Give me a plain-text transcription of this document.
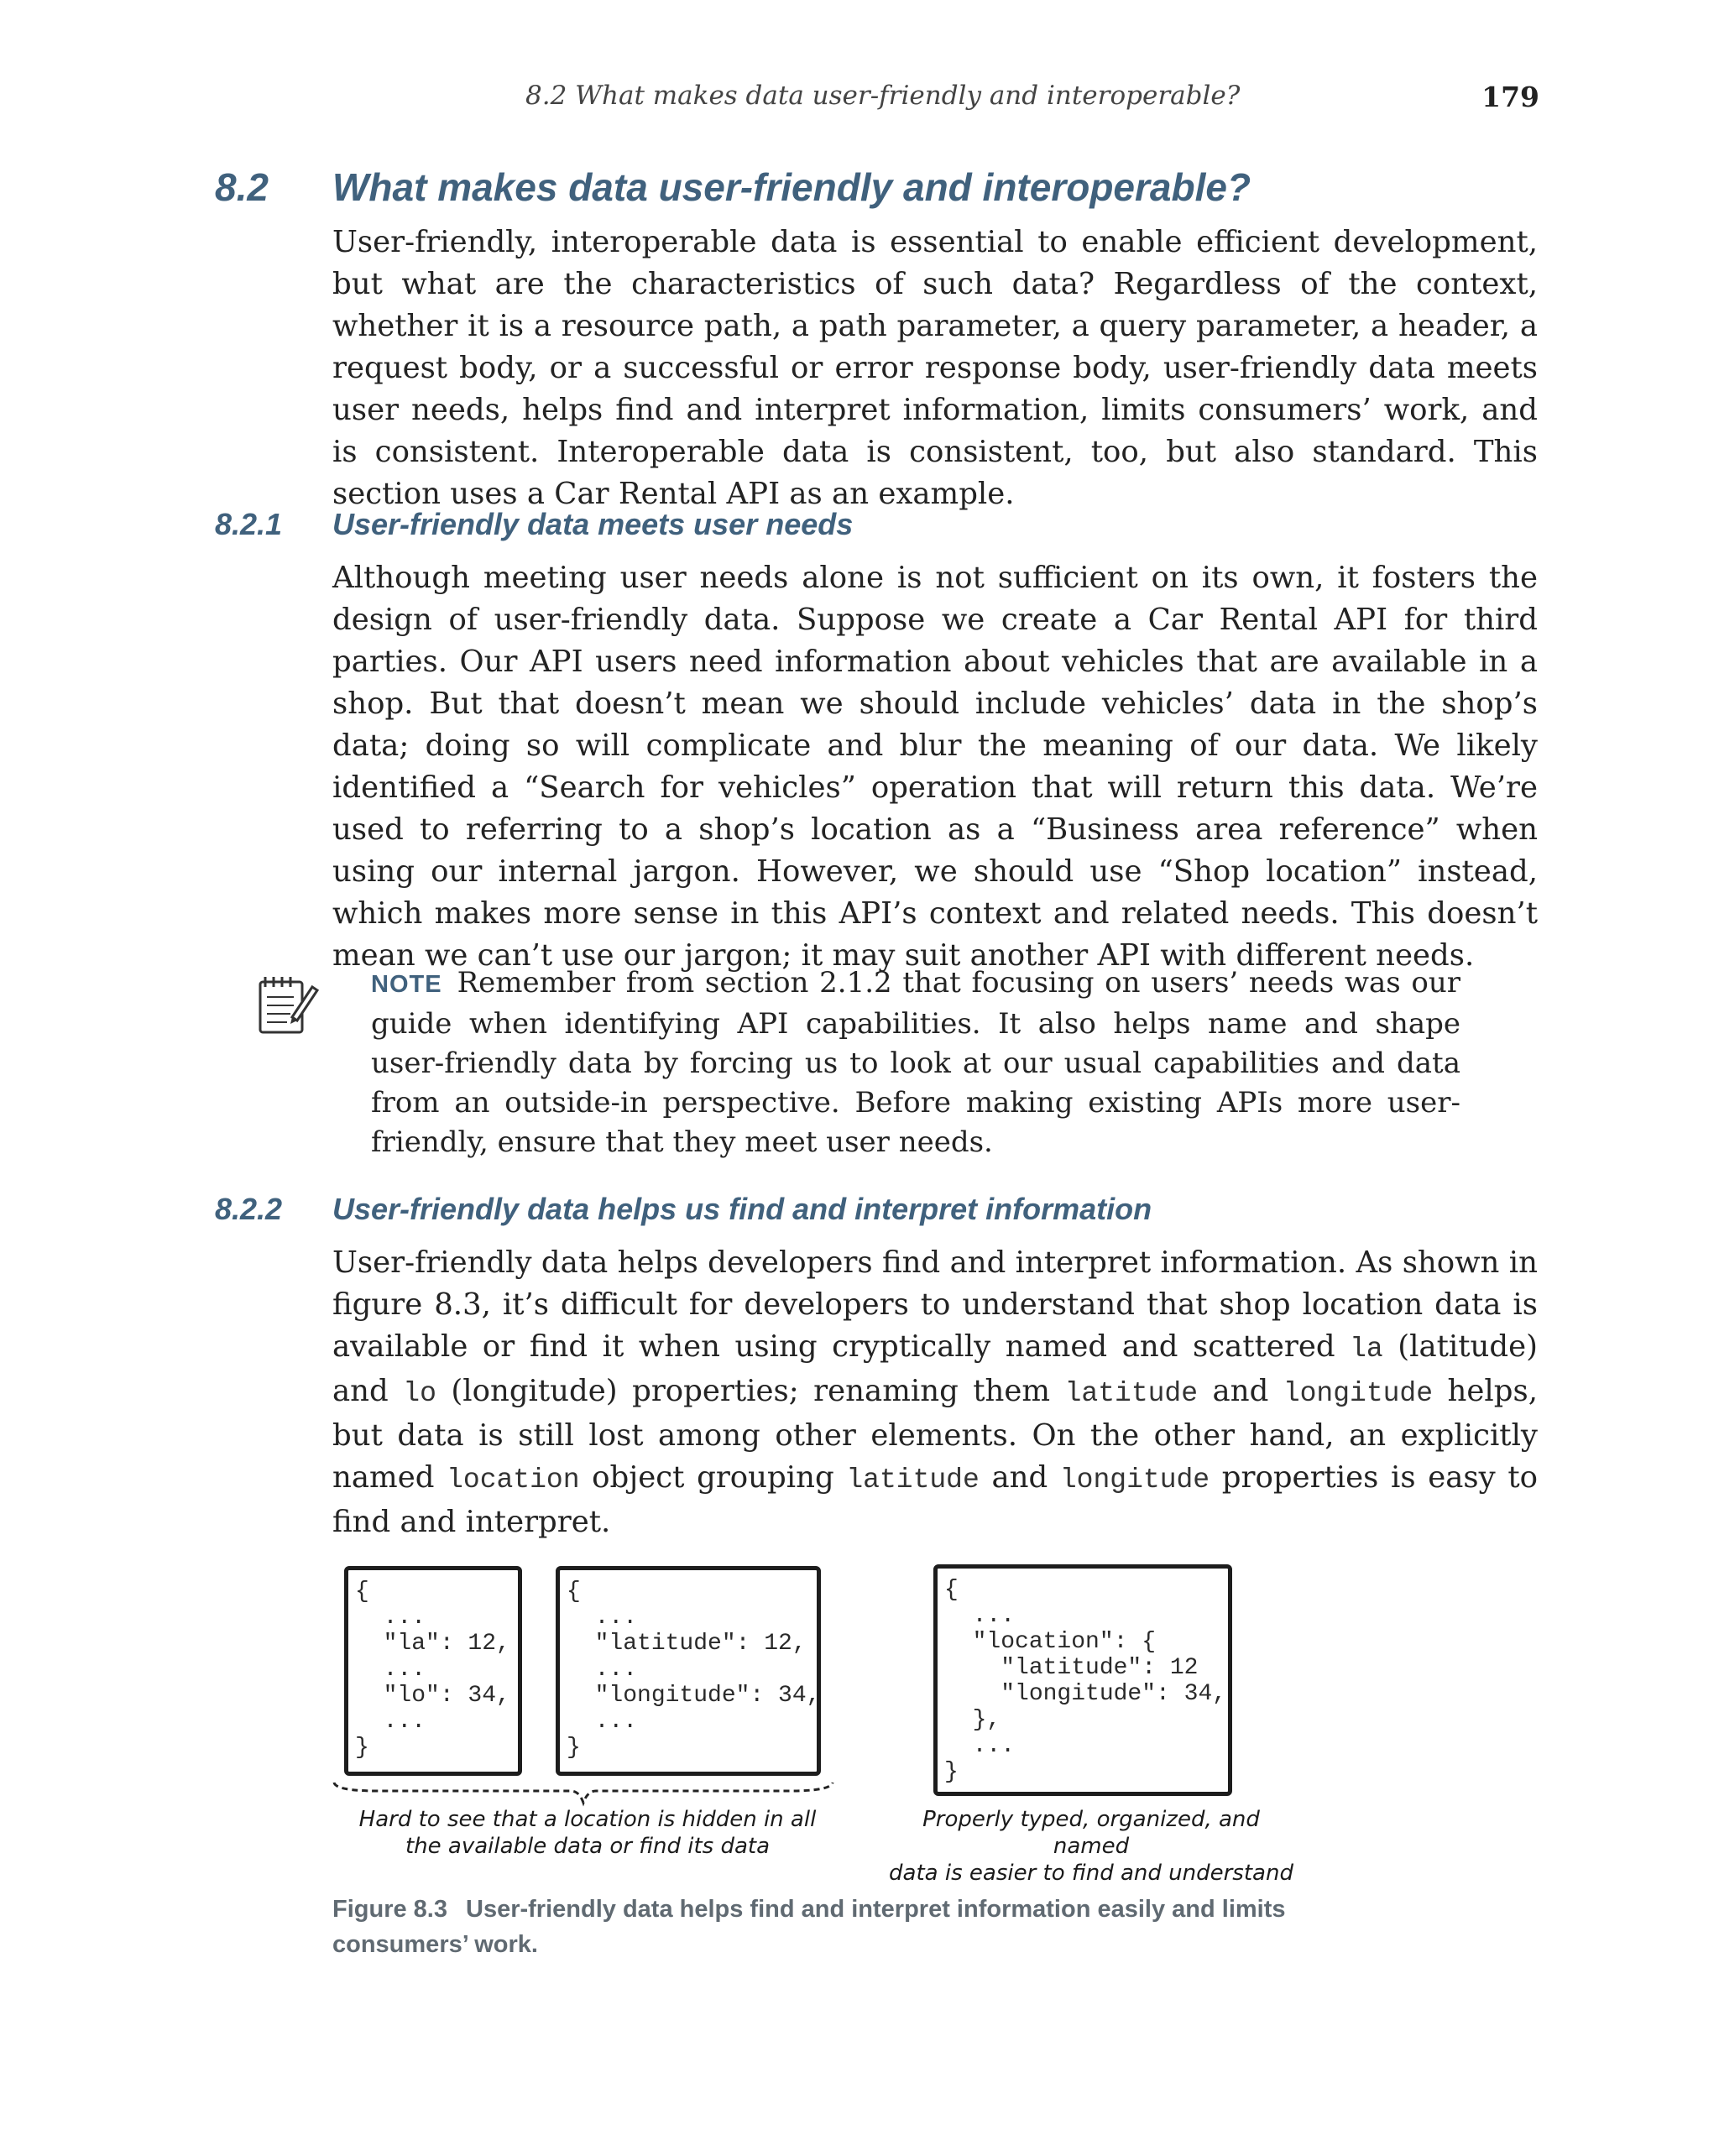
8.2 What makes data user-friendly and interoperable?	179
8.2 What makes data user-friendly and interoperable?

User-friendly, interoperable data is essential to enable efficient development, but what are the characteristics of such data? Regardless of the context, whether it is a resource path, a path parameter, a query parameter, a header, a request body, or a successful or error response body, user-friendly data meets user needs, helps find and interpret information, limits consumers’ work, and is consistent. Interoperable data is consistent, too, but also standard. This section uses a Car Rental API as an example.

8.2.1 User-friendly data meets user needs

Although meeting user needs alone is not sufficient on its own, it fosters the design of user-friendly data. Suppose we create a Car Rental API for third parties. Our API users need information about vehicles that are available in a shop. But that doesn’t mean we should include vehicles’ data in the shop’s data; doing so will complicate and blur the meaning of our data. We likely identified a “Search for vehicles” operation that will return this data. We’re used to referring to a shop’s location as a “Business area reference” when using our internal jargon. However, we should use “Shop location” instead, which makes more sense in this API’s context and related needs. This doesn’t mean we can’t use our jargon; it may suit another API with different needs.

NOTE Remember from section 2.1.2 that focusing on users’ needs was our guide when identifying API capabilities. It also helps name and shape user-friendly data by forcing us to look at our usual capabilities and data from an outside-in perspective. Before making existing APIs more user-friendly, ensure that they meet user needs.

8.2.2 User-friendly data helps us find and interpret information

User-friendly data helps developers find and interpret information. As shown in figure 8.3, it’s difficult for developers to understand that shop location data is available or find it when using cryptically named and scattered la (latitude) and lo (longitude) properties; renaming them latitude and longitude helps, but data is still lost among other elements. On the other hand, an explicitly named location object grouping latitude and longitude properties is easy to find and interpret.

{
...
"la": 12,
...
"lo": 34,
...
}
{
...
"latitude": 12,
...
"longitude": 34,
...
}
{
...
"location": {
"latitude": 12
"longitude": 34,
},
...
}
Hard to see that a location is hidden in all
the available data or find its data
Properly typed, organized, and named
data is easier to find and understand
Figure 8.3 User-friendly data helps find and interpret information easily and limits consumers’ work.
